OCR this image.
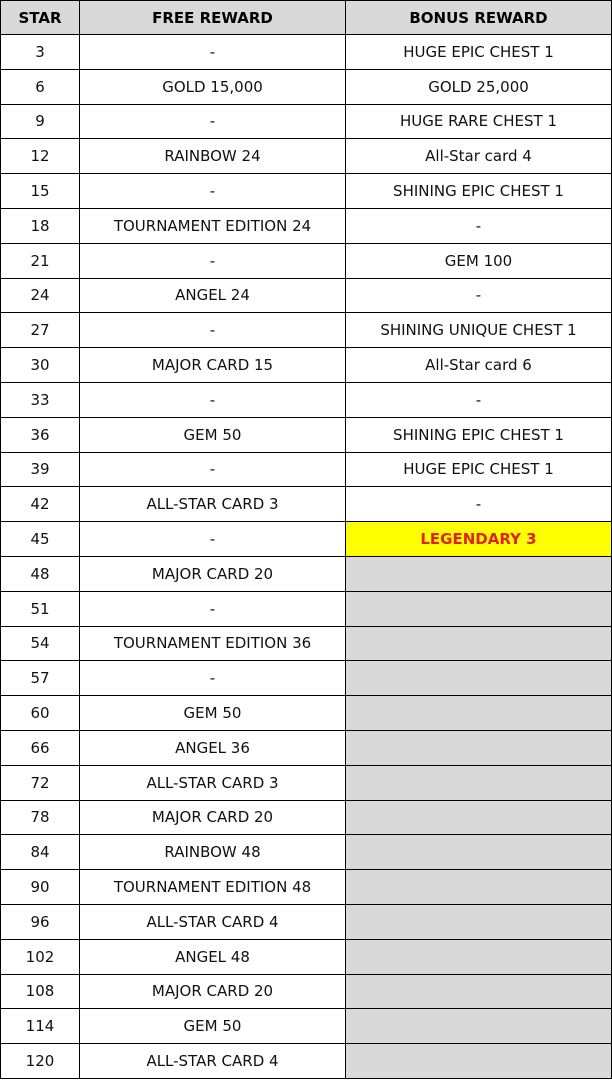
STAR	FREE REWARD	BONUS REWARD
3	-	HUGE EPIC CHEST 1
6	GOLD 15,000	GOLD 25,000
9	-	HUGE RARE CHEST 1
12	RAINBOW 24	All-Star card 4
15	-	SHINING EPIC CHEST 1
18	TOURNAMENT EDITION 24	-
21	-	GEM 100
24	ANGEL 24	-
27	-	SHINING UNIQUE CHEST 1
30	MAJOR CARD 15	All-Star card 6
33	-	-
36	GEM 50	SHINING EPIC CHEST 1
39	-	HUGE EPIC CHEST 1
42	ALL-STAR CARD 3	-
45	-	LEGENDARY 3
48	MAJOR CARD 20	
51	-	
54	TOURNAMENT EDITION 36	
57	-	
60	GEM 50	
66	ANGEL 36	
72	ALL-STAR CARD 3	
78	MAJOR CARD 20	
84	RAINBOW 48	
90	TOURNAMENT EDITION 48	
96	ALL-STAR CARD 4	
102	ANGEL 48	
108	MAJOR CARD 20	
114	GEM 50	
120	ALL-STAR CARD 4	
